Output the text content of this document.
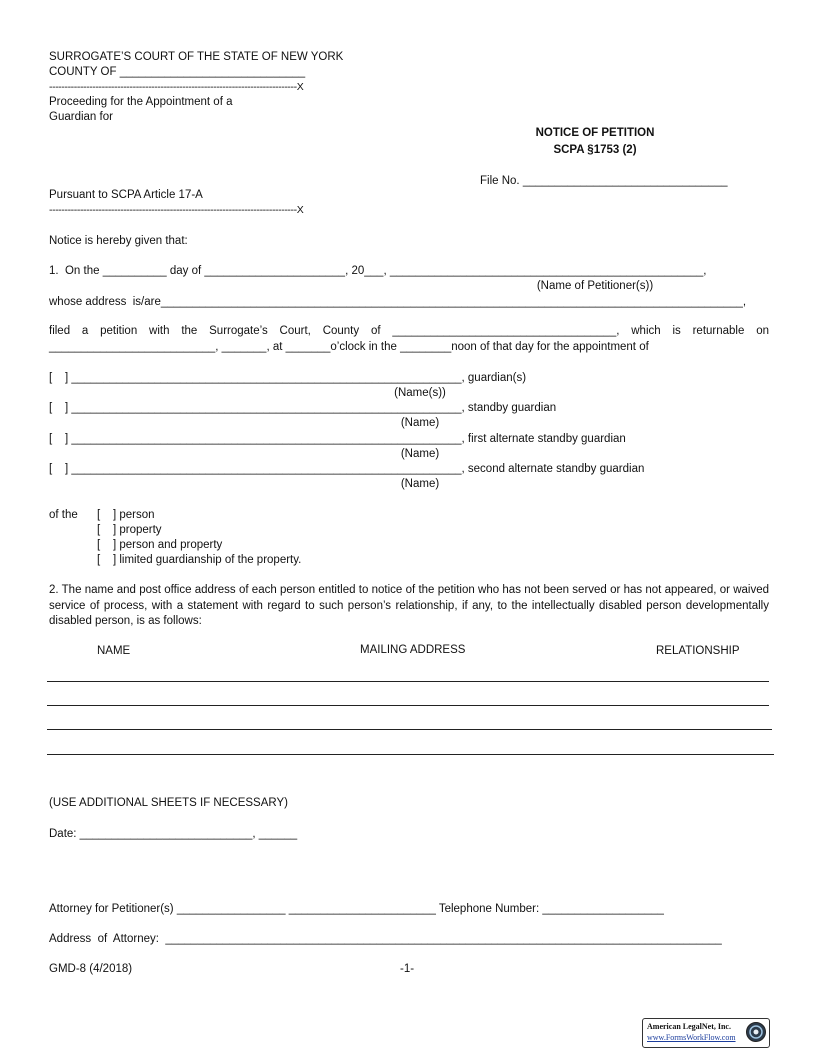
SURROGATE’S COURT OF THE STATE OF NEW YORK
COUNTY OF _____________________________
--------------------------------------------------------------------------------X
Proceeding for the Appointment of a
Guardian for
NOTICE OF PETITION
SCPA §1753 (2)
File No. ________________________________
Pursuant to SCPA Article 17-A
--------------------------------------------------------------------------------X
Notice is hereby given that:
1.  On the __________ day of ______________________, 20___, _________________________________________________,
(Name of Petitioner(s))
whose address  is/are___________________________________________________________________________________________,
filed a petition with the Surrogate’s Court, County of ___________________________________, which is returnable on __________________________, _______, at _______o’clock in the ________noon of that day for the appointment of
[    ] _____________________________________________________________, guardian(s)
(Name(s))
[    ] _____________________________________________________________, standby guardian
(Name)
[    ] _____________________________________________________________, first alternate standby guardian
(Name)
[    ] _____________________________________________________________, second alternate standby guardian
(Name)
of the [    ] person
[    ] property
[    ] person and property
[    ] limited guardianship of the property.
2. The name and post office address of each person entitled to notice of the petition who has not been served or has not appeared, or waived service of process, with a statement with regard to such person’s relationship, if any, to the intellectually disabled person developmentally disabled person, is as follows:
NAME	MAILING ADDRESS	RELATIONSHIP
(USE ADDITIONAL SHEETS IF NECESSARY)
Date: ___________________________, ______
Attorney for Petitioner(s) _________________ _______________________ Telephone Number: ___________________
Address  of  Attorney:  _______________________________________________________________________________________
GMD-8 (4/2018)	-1-
American LegalNet, Inc.
www.FormsWorkFlow.com
